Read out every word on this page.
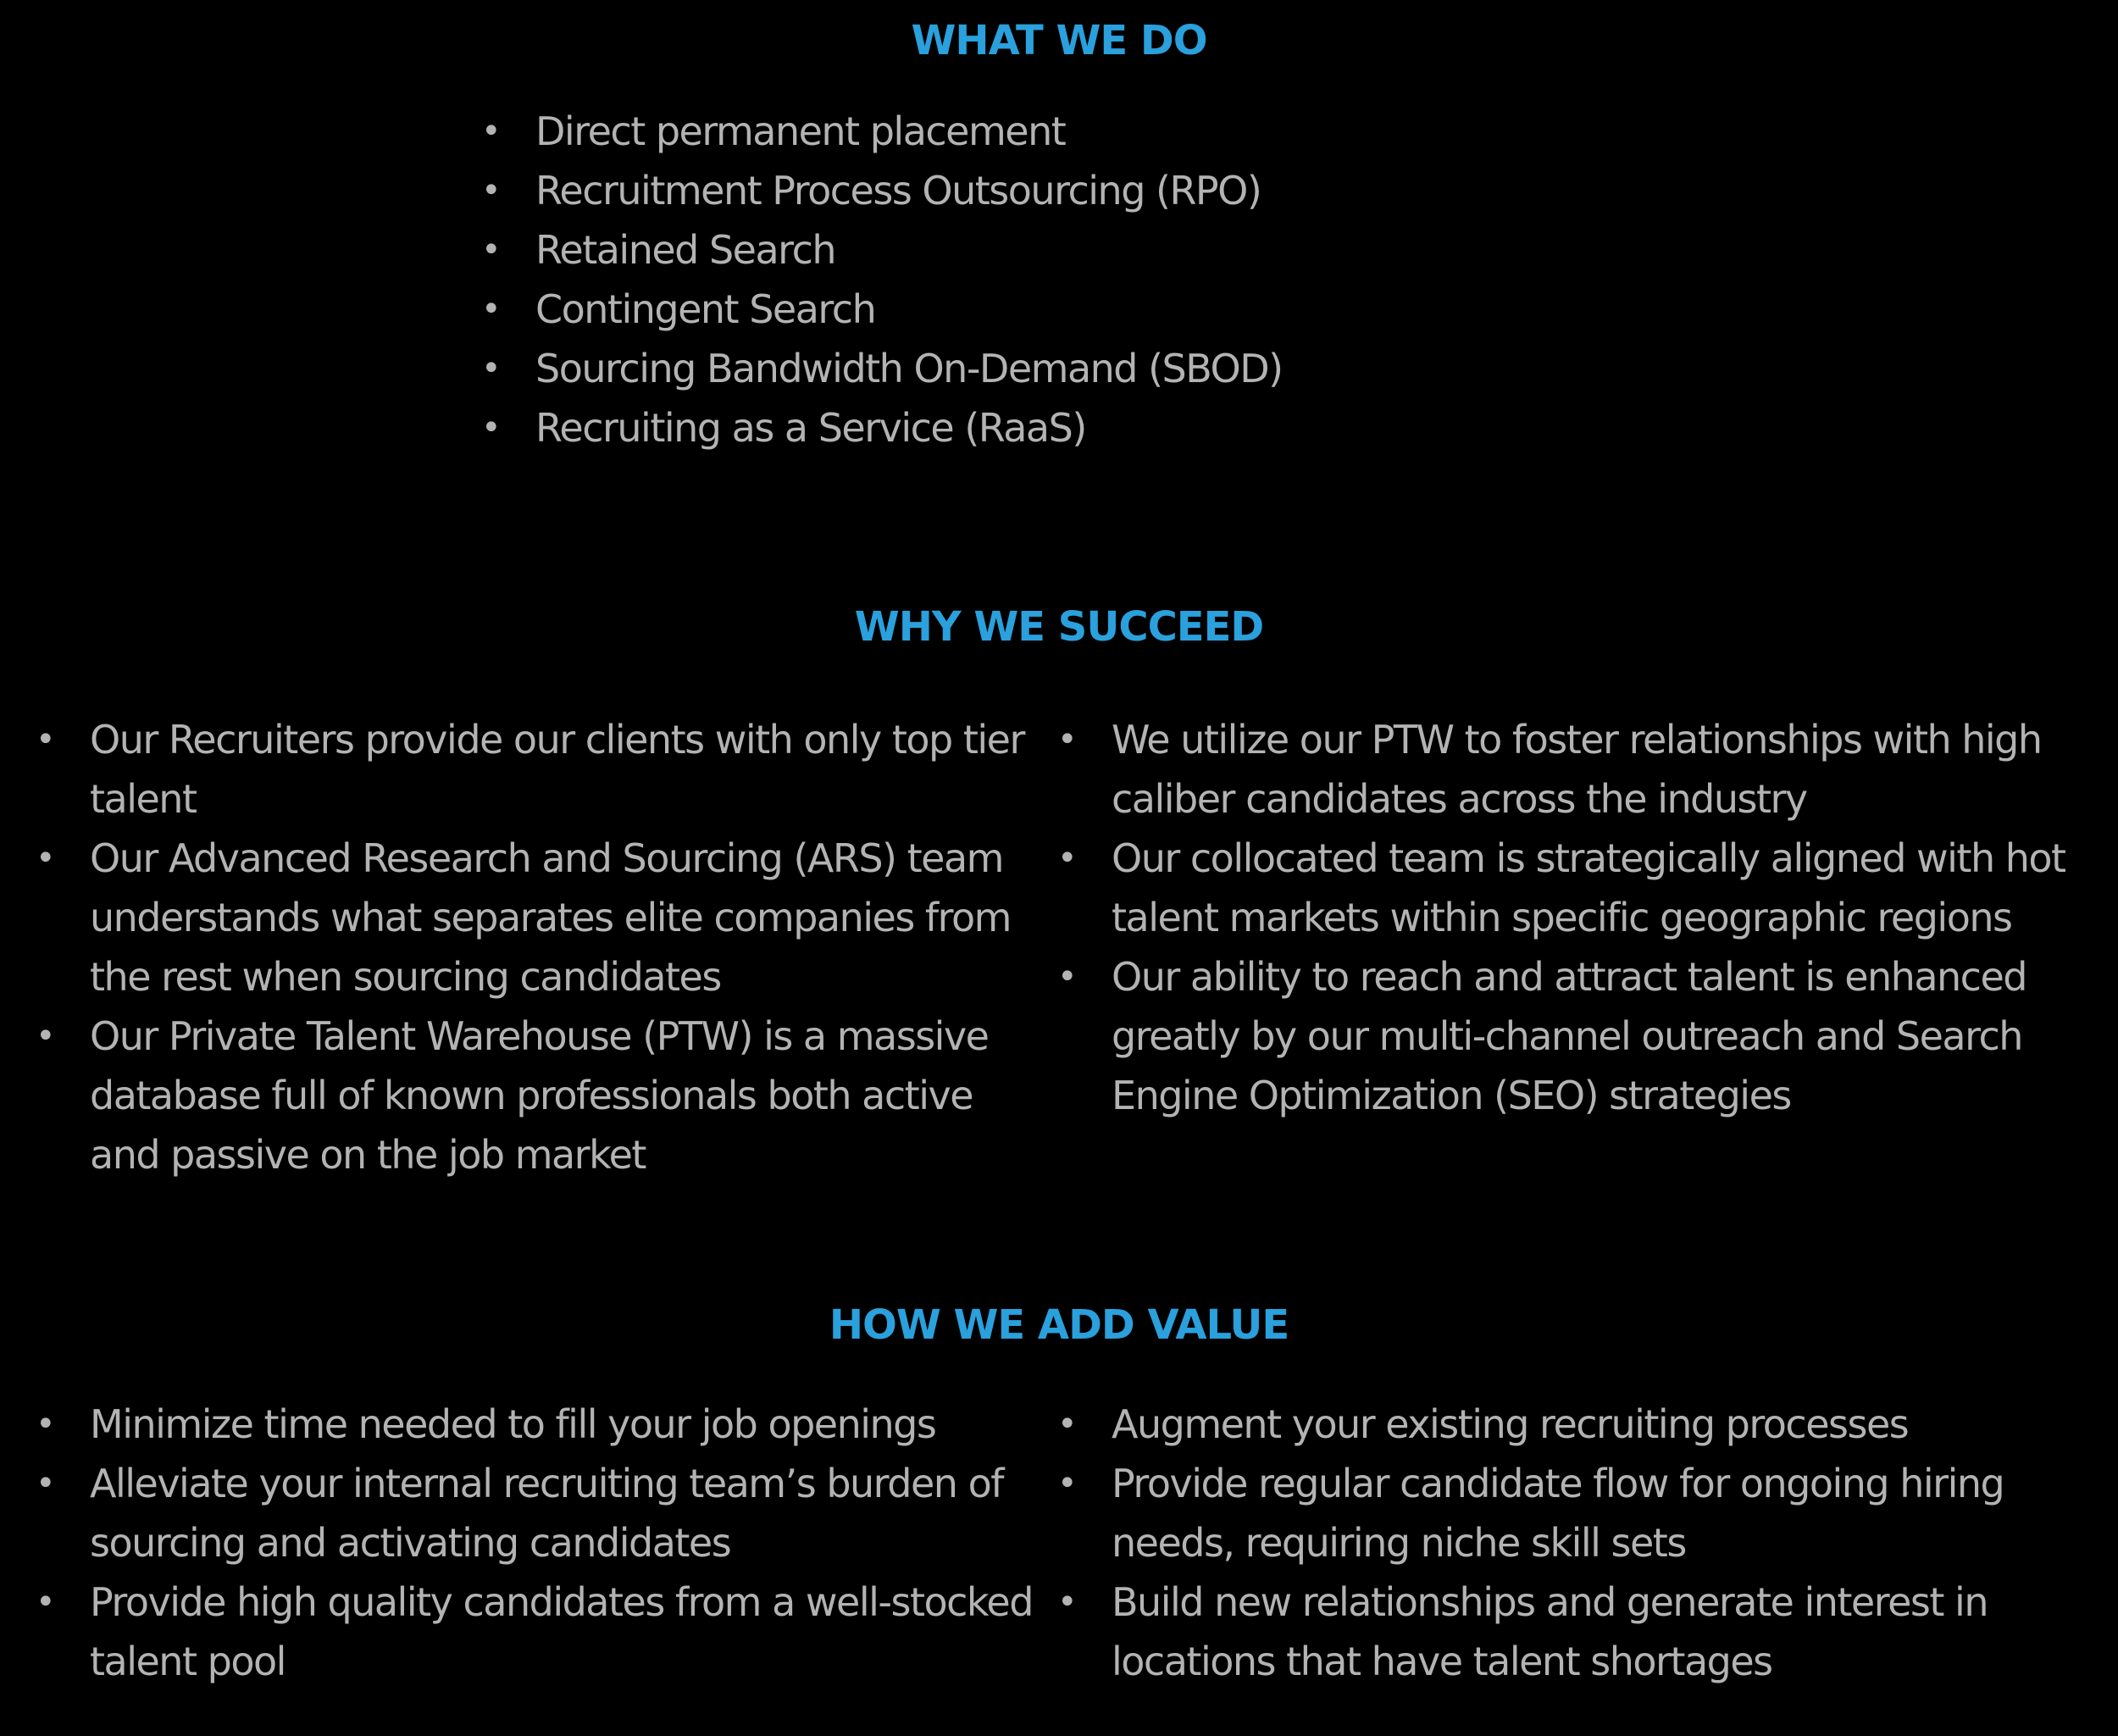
WHAT WE DO
• Direct permanent placement
• Recruitment Process Outsourcing (RPO)
• Retained Search
• Contingent Search
• Sourcing Bandwidth On-Demand (SBOD)
• Recruiting as a Service (RaaS)
WHY WE SUCCEED
• Our Recruiters provide our clients with only top tier talent
• Our Advanced Research and Sourcing (ARS) team understands what separates elite companies from the rest when sourcing candidates
• Our Private Talent Warehouse (PTW) is a massive database full of known professionals both active and passive on the job market
• We utilize our PTW to foster relationships with high caliber candidates across the industry
• Our collocated team is strategically aligned with hot talent markets within specific geographic regions
• Our ability to reach and attract talent is enhanced greatly by our multi-channel outreach and Search Engine Optimization (SEO) strategies
HOW WE ADD VALUE
• Minimize time needed to fill your job openings
• Alleviate your internal recruiting team’s burden of sourcing and activating candidates
• Provide high quality candidates from a well-stocked talent pool
• Augment your existing recruiting processes
• Provide regular candidate flow for ongoing hiring needs, requiring niche skill sets
• Build new relationships and generate interest in locations that have talent shortages
